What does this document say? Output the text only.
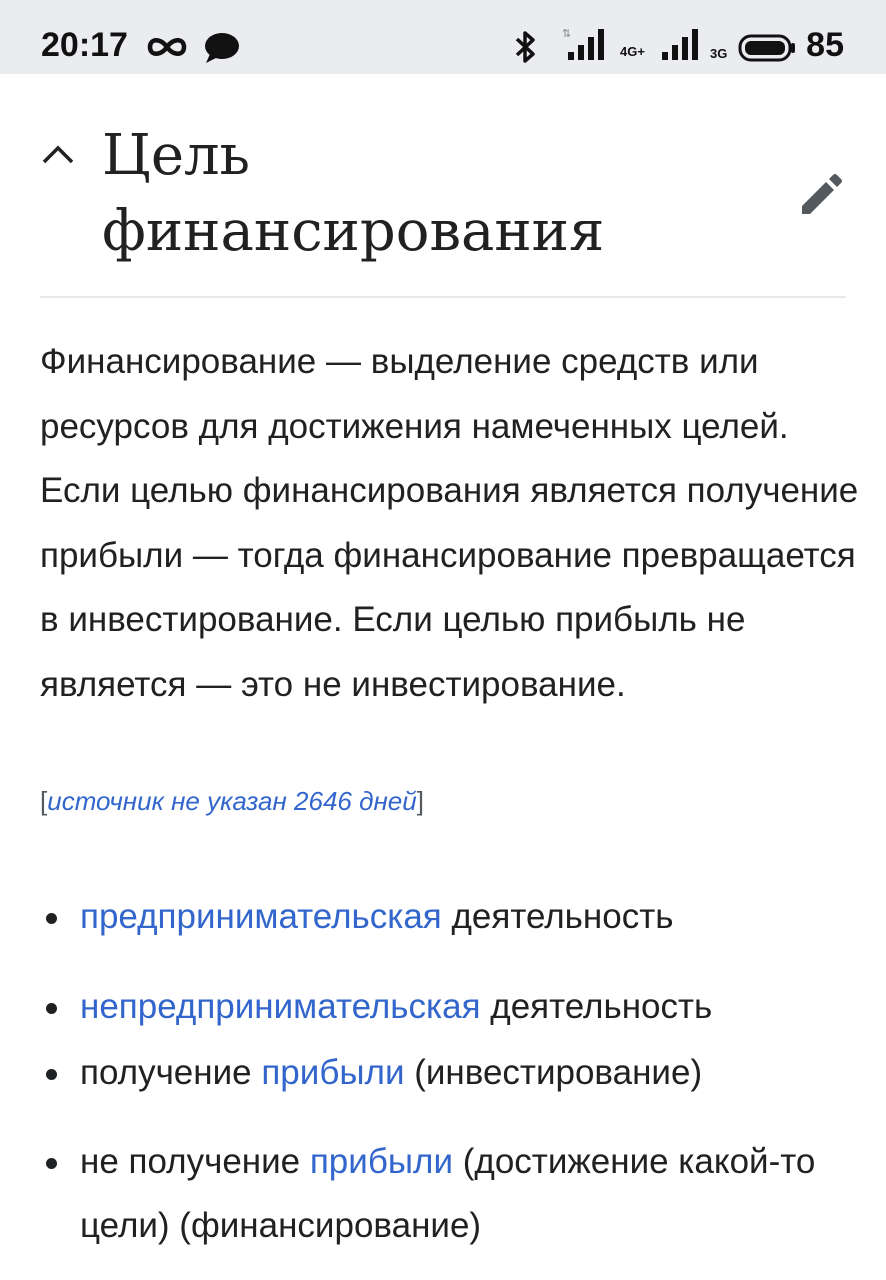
20:17	⇅
4G+	3G 85
Цель
финансирования

Финансирование — выделение средств или ресурсов для достижения намеченных целей. Если целью финансирования является получение прибыли — тогда финансирование превращается в инвестирование. Если целью прибыль не является — это не инвестирование.

[источник не указан 2646 дней]
предпринимательская деятельность
непредпринимательская деятельность
получение прибыли (инвестирование)
не получение прибыли (достижение какой-то цели) (финансирование)
